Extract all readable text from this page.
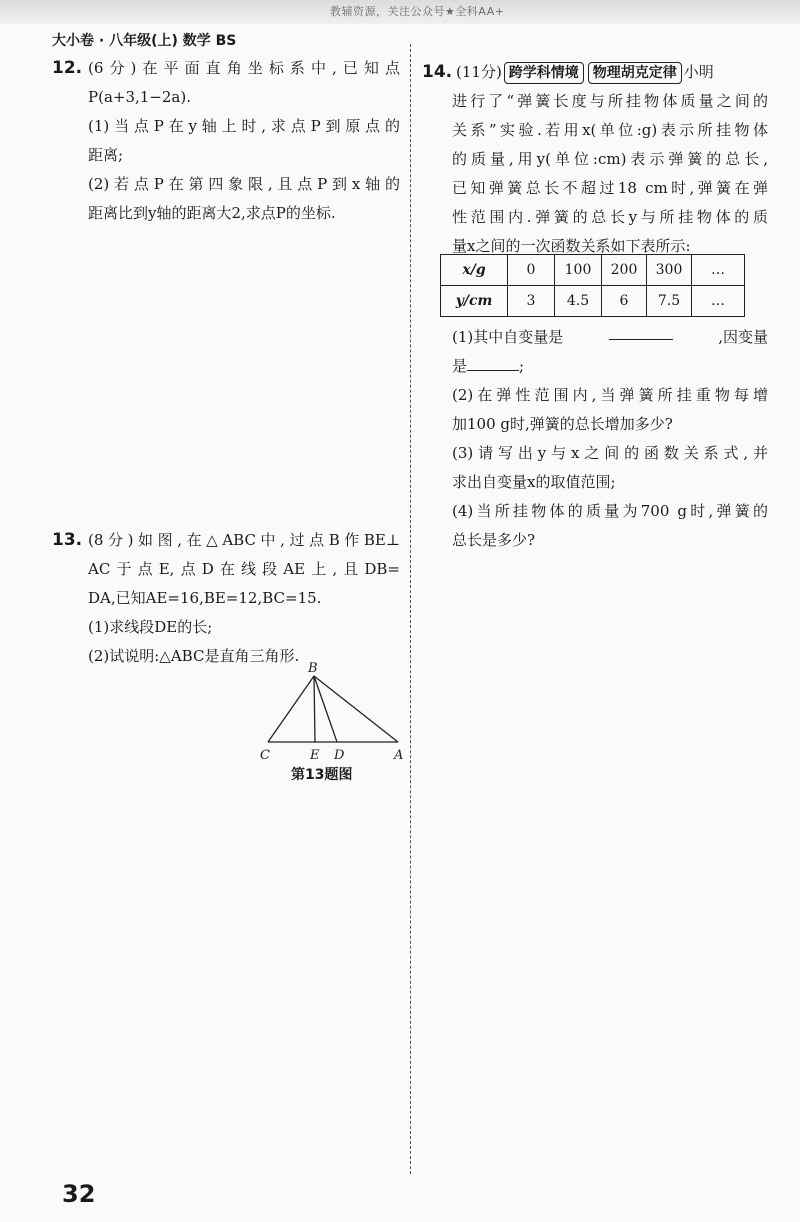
教辅资源，关注公众号★全科AA+
大小卷 · 八年级(上) 数学 BS
12. (6分)在平面直角坐标系中,已知点
P(a+3,1−2a).
(1)当点P在y轴上时,求点P到原点的
距离;
(2)若点P在第四象限,且点P到x轴的
距离比到y轴的距离大2,求点P的坐标.
13. (8分)如图,在△ABC中,过点B作BE⊥
AC于点E,点D在线段AE上,且DB=
DA,已知AE=16,BE=12,BC=15.
(1)求线段DE的长;
(2)试说明:△ABC是直角三角形.
B
C	E D	A
第13题图
14. (11分) 跨学科情境 物理胡克定律 小明
进行了“弹簧长度与所挂物体质量之间的
关系”实验.若用x(单位:g)表示所挂物体
的质量,用y(单位:cm)表示弹簧的总长,
已知弹簧总长不超过18 cm时,弹簧在弹
性范围内.弹簧的总长y与所挂物体的质
量x之间的一次函数关系如下表所示:
x/g	0	100	200	300	…
y/cm	3	4.5	6	7.5	…
(1)其中自变量是	,因变量
是	;
(2)在弹性范围内,当弹簧所挂重物每增
加100 g时,弹簧的总长增加多少?
(3)请写出y与x之间的函数关系式,并
求出自变量x的取值范围;
(4)当所挂物体的质量为700 g时,弹簧的
总长是多少?
32
